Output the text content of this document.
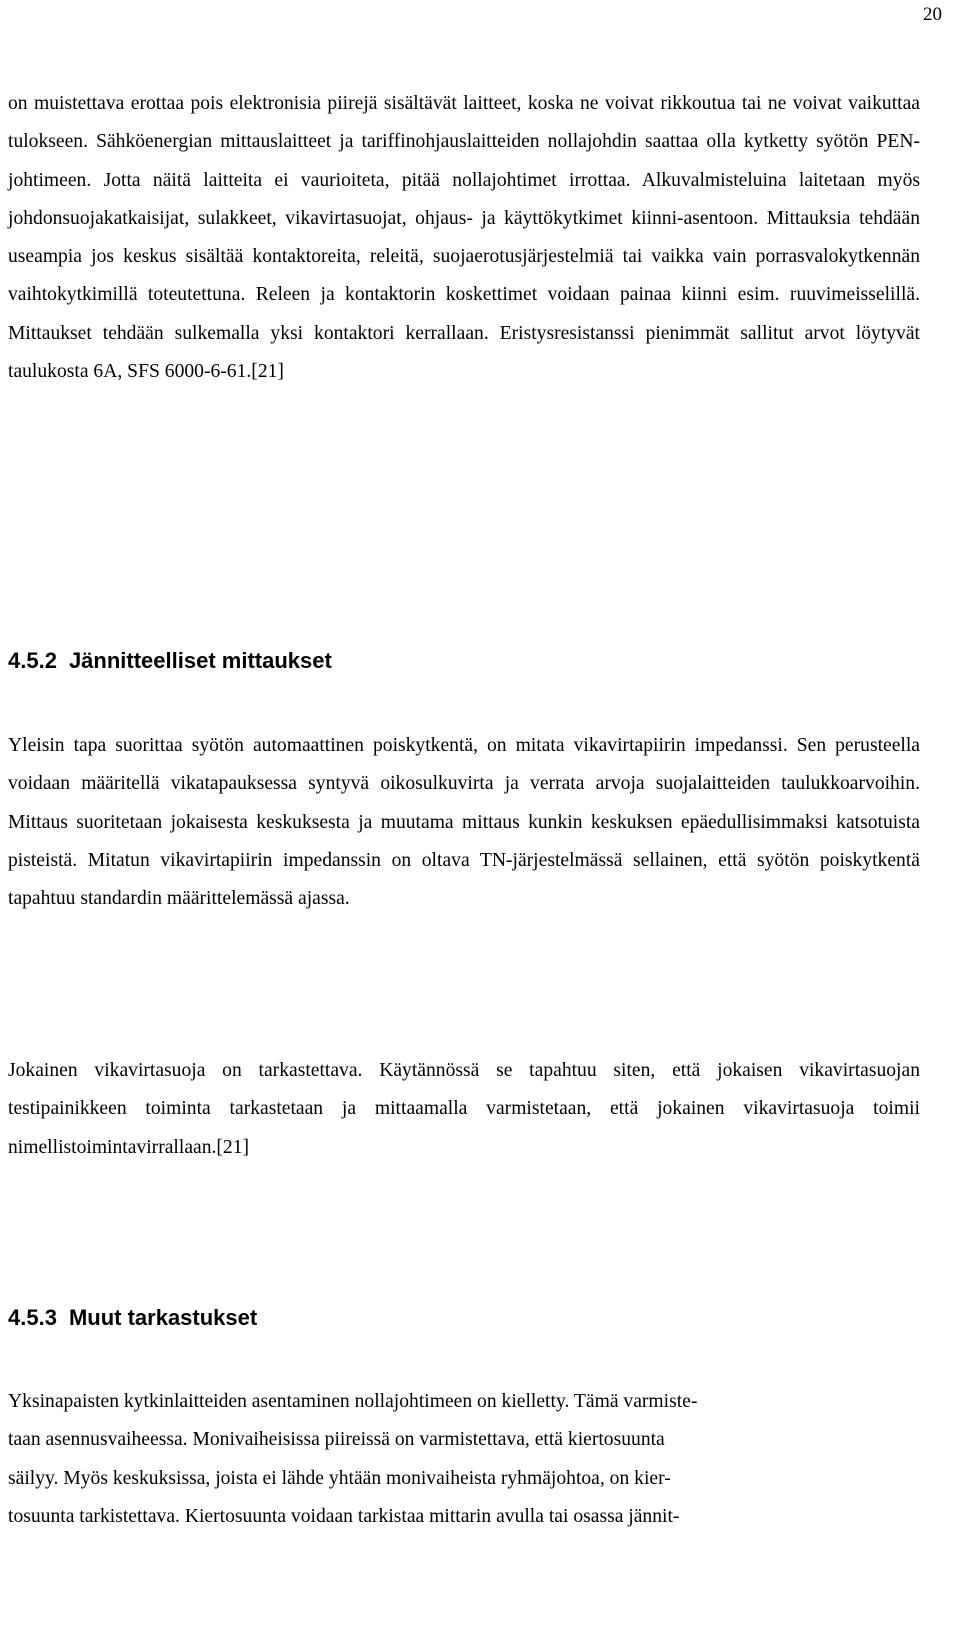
20

on muistettava erottaa pois elektronisia piirejä sisältävät laitteet, koska ne voivat rikkoutua tai ne voivat vaikuttaa tulokseen. Sähköenergian mittauslaitteet ja tariffinohjauslaitteiden nollajohdin saattaa olla kytketty syötön PEN-johtimeen. Jotta näitä laitteita ei vaurioiteta, pitää nollajohtimet irrottaa. Alkuvalmisteluina laitetaan myös johdonsuojakatkaisijat, sulakkeet, vikavirtasuojat, ohjaus- ja käyttökytkimet kiinni-asentoon. Mittauksia tehdään useampia jos keskus sisältää kontaktoreita, releitä, suojaerotusjärjestelmiä tai vaikka vain porrasvalokytkennän vaihtokytkimillä toteutettuna. Releen ja kontaktorin koskettimet voidaan painaa kiinni esim. ruuvimeisselillä. Mittaukset tehdään sulkemalla yksi kontaktori kerrallaan. Eristysresistanssi pienimmät sallitut arvot löytyvät taulukosta 6A, SFS 6000-6-61.[21]

4.5.2 Jännitteelliset mittaukset

Yleisin tapa suorittaa syötön automaattinen poiskytkentä, on mitata vikavirtapiirin impedanssi. Sen perusteella voidaan määritellä vikatapauksessa syntyvä oikosulkuvirta ja verrata arvoja suojalaitteiden taulukkoarvoihin. Mittaus suoritetaan jokaisesta keskuksesta ja muutama mittaus kunkin keskuksen epäedullisimmaksi katsotuista pisteistä. Mitatun vikavirtapiirin impedanssin on oltava TN-järjestelmässä sellainen, että syötön poiskytkentä tapahtuu standardin määrittelemässä ajassa.

Jokainen vikavirtasuoja on tarkastettava. Käytännössä se tapahtuu siten, että jokaisen vikavirtasuojan testipainikkeen toiminta tarkastetaan ja mittaamalla varmistetaan, että jokainen vikavirtasuoja toimii nimellistoimintavirrallaan.[21]

4.5.3 Muut tarkastukset

Yksinapaisten kytkinlaitteiden asentaminen nollajohtimeen on kielletty. Tämä varmiste-
taan asennusvaiheessa. Monivaiheisissa piireissä on varmistettava, että kiertosuunta
säilyy. Myös keskuksissa, joista ei lähde yhtään monivaiheista ryhmäjohtoa, on kier-
tosuunta tarkistettava. Kiertosuunta voidaan tarkistaa mittarin avulla tai osassa jännit-
